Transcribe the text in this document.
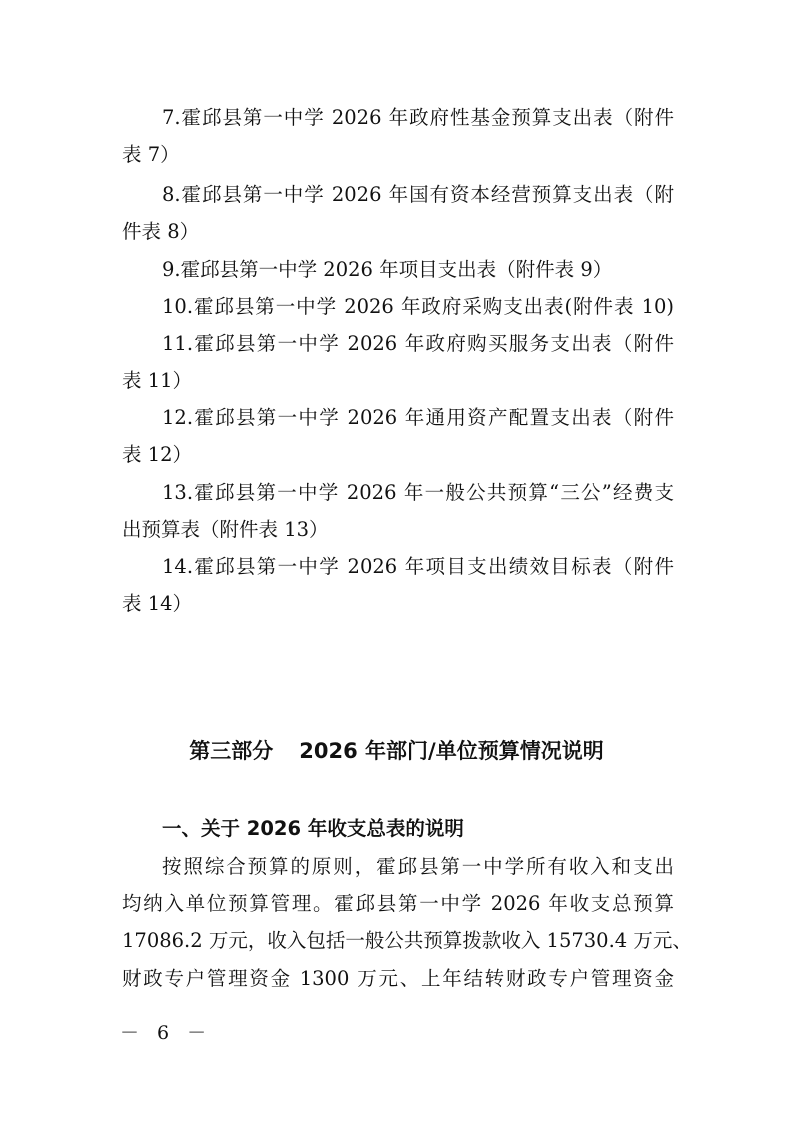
7.霍邱县第一中学 2026 年政府性基金预算支出表（附件
表 7）
8.霍邱县第一中学 2026 年国有资本经营预算支出表（附
件表 8）
9.霍邱县第一中学 2026 年项目支出表（附件表 9）
10.霍邱县第一中学 2026 年政府采购支出表(附件表 10)
11.霍邱县第一中学 2026 年政府购买服务支出表（附件
表 11）
12.霍邱县第一中学 2026 年通用资产配置支出表（附件
表 12）
13.霍邱县第一中学 2026 年一般公共预算“三公”经费支
出预算表（附件表 13）
14.霍邱县第一中学 2026 年项目支出绩效目标表（附件
表 14）
第三部分 2026 年部门/单位预算情况说明
一、关于 2026 年收支总表的说明
按照综合预算的原则，霍邱县第一中学所有收入和支出
均纳入单位预算管理。霍邱县第一中学 2026 年收支总预算
17086.2 万元，收入包括一般公共预算拨款收入 15730.4 万元、
财政专户管理资金 1300 万元、上年结转财政专户管理资金
－ 6 －
